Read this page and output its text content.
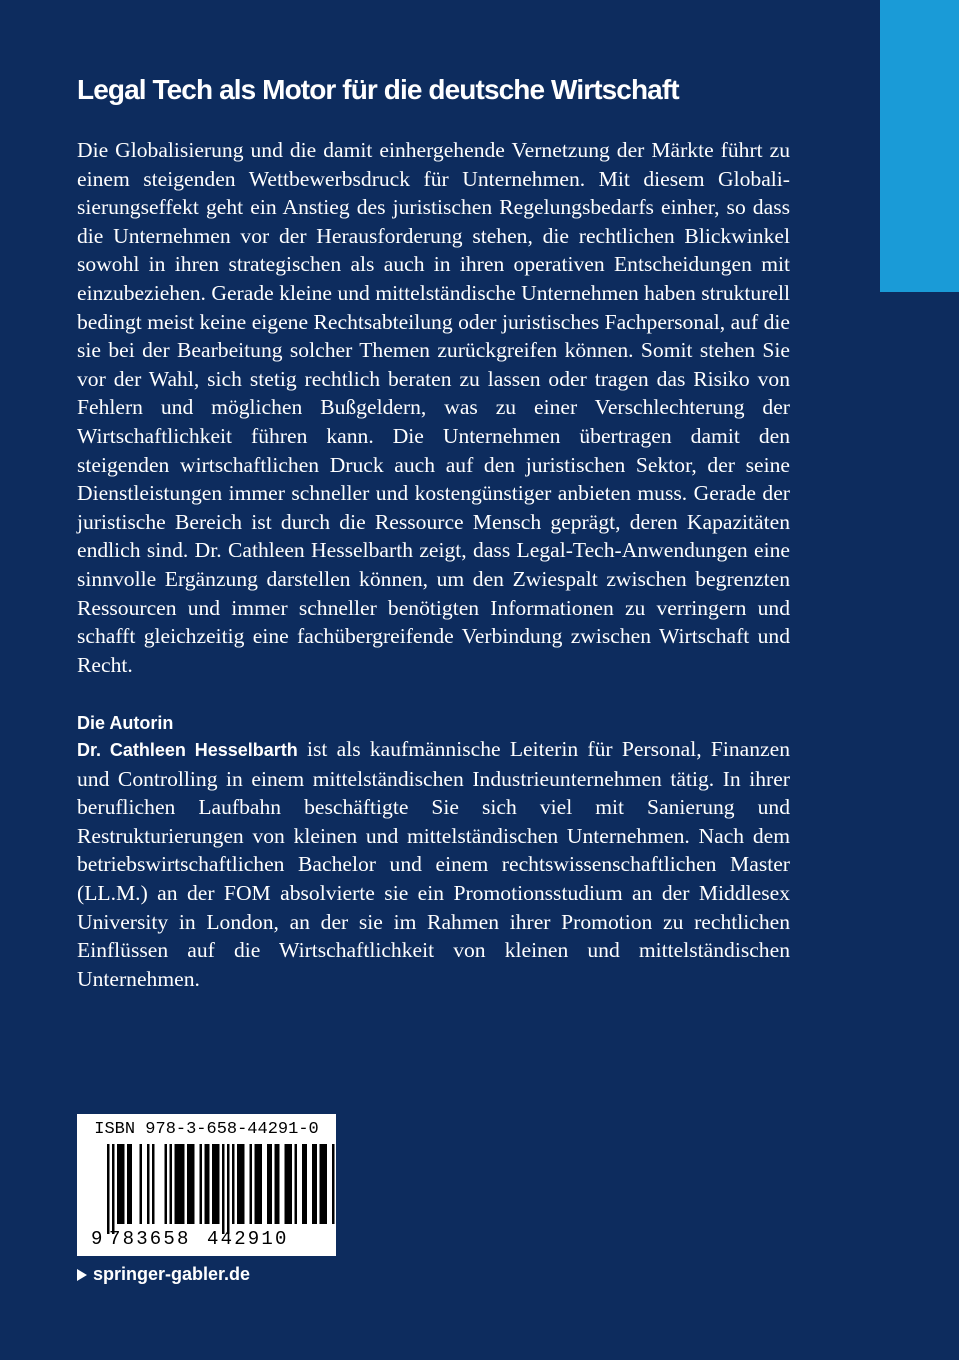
Legal Tech als Motor für die deutsche Wirtschaft

Die Globalisierung und die damit einhergehende Vernetzung der Märkte führt zu einem steigenden Wettbewerbsdruck für Unternehmen. Mit diesem Globalisierungseffekt geht ein Anstieg des juristischen Regelungsbedarfs einher, so dass die Unternehmen vor der Herausforderung stehen, die rechtlichen Blickwinkel sowohl in ihren strategischen als auch in ihren operativen Entscheidungen mit einzubeziehen. Gerade kleine und mittelständische Unternehmen haben strukturell bedingt meist keine eigene Rechtsabteilung oder juristisches Fachpersonal, auf die sie bei der Bearbeitung solcher Themen zurückgreifen können. Somit stehen Sie vor der Wahl, sich stetig rechtlich beraten zu lassen oder tragen das Risiko von Fehlern und möglichen Bußgeldern, was zu einer Verschlechterung der Wirtschaftlichkeit führen kann. Die Unternehmen übertragen damit den steigenden wirtschaftlichen Druck auch auf den juristischen Sektor, der seine Dienstleistungen immer schneller und kostengünstiger anbieten muss. Gerade der juristische Bereich ist durch die Ressource Mensch geprägt, deren Kapazitäten endlich sind. Dr. Cathleen Hesselbarth zeigt, dass Legal-Tech-Anwendungen eine sinnvolle Ergänzung darstellen können, um den Zwiespalt zwischen begrenzten Ressourcen und immer schneller benötigten Informationen zu verringern und schafft gleichzeitig eine fachübergreifende Verbindung zwischen Wirtschaft und Recht.

Die Autorin

Dr. Cathleen Hesselbarth ist als kaufmännische Leiterin für Personal, Finanzen und Controlling in einem mittelständischen Industrieunternehmen tätig. In ihrer beruflichen Laufbahn beschäftigte Sie sich viel mit Sanierung und Restrukturierungen von kleinen und mittelständischen Unternehmen. Nach dem betriebswirtschaftlichen Bachelor und einem rechtswissenschaftlichen Master (LL.M.) an der FOM absolvierte sie ein Promotionsstudium an der Middlesex University in London, an der sie im Rahmen ihrer Promotion zu rechtlichen Einflüssen auf die Wirtschaftlichkeit von kleinen und mittelständischen Unternehmen.

ISBN 978-3-658-44291-0
9 783658 442910
springer-gabler.de
